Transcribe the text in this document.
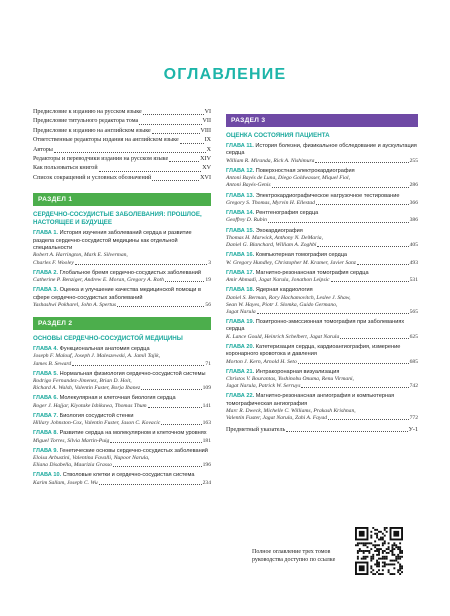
ОГЛАВЛЕНИЕ
Предисловие к изданию на русском языке	VI
Предисловие титульного редактора тома	VII
Предисловие к изданию на английском языке	VIII
Ответственные редакторы издания на английском языке	IX
Авторы	X
Редакторы и переводчики издания на русском языке	XIV
Как пользоваться книгой	XV
Список сокращений и условных обозначений	XVI
РАЗДЕЛ 1
СЕРДЕЧНО-СОСУДИСТЫЕ ЗАБОЛЕВАНИЯ: ПРОШЛОЕ, НАСТОЯЩЕЕ И БУДУЩЕЕ
ГЛАВА 1. История изучения заболеваний сердца и развитие раздела сердечно-сосудистой медицины как отдельной специальности
Robert A. Harrington, Mark E. Silverman,
Charles F. Wooley	3
ГЛАВА 2. Глобальное бремя сердечно-сосудистых заболеваний
Catherine P. Benziger, Andrew E. Moran, Gregory A. Roth	19
ГЛАВА 3. Оценка и улучшение качества медицинской помощи в сфере сердечно-сосудистых заболеваний
Yashashwi Pokharel, John A. Spertus	56
РАЗДЕЛ 2
ОСНОВЫ СЕРДЕЧНО-СОСУДИСТОЙ МЕДИЦИНЫ
ГЛАВА 4. Функциональная анатомия сердца
Joseph F. Malouf, Joseph J. Maleszewski, A. Jamil Tajik,
James B. Seward	71
ГЛАВА 5. Нормальная физиология сердечно-сосудистой системы
Rodrigo Fernandez-Jimenez, Brian D. Hoit,
Richard A. Walsh, Valentin Fuster, Borja Ibanez	109
ГЛАВА 6. Молекулярная и клеточная биология сердца
Roger J. Hajjar, Kiyotake Ishikawa, Thomas Thum	141
ГЛАВА 7. Биология сосудистой стенки
Hillary Johnston-Cox, Valentin Fuster, Jason C. Kovacic	163
ГЛАВА 8. Развитие сердца на молекулярном и клеточном уровнях
Miguel Torres, Silvia Martin-Puig	181
ГЛАВА 9. Генетические основы сердечно-сосудистых заболеваний
Eloisa Arbustini, Valentina Favalli, Nupoor Narula,
Eliana Disabella, Maurizia Grasso	196
ГЛАВА 10. Стволовые клетки и сердечно-сосудистая система
Karim Sallam, Joseph C. Wu	234
РАЗДЕЛ 3
ОЦЕНКА СОСТОЯНИЯ ПАЦИЕНТА
ГЛАВА 11. История болезни, физикальное обследование и аускультация сердца
William R. Miranda, Rick A. Nishimura	255
ГЛАВА 12. Поверхностная электрокардиография
Antoni Bayés de Luna, Diego Goldwasser, Miquel Fiol,
Antoni Bayés-Genis	286
ГЛАВА 13. Электрокардиографическое нагрузочное тестирование
Gregory S. Thomas, Myrvin H. Ellestad	366
ГЛАВА 14. Рентгенография сердца
Geoffrey D. Rubin	386
ГЛАВА 15. Эхокардиография
Thomas H. Marwick, Anthony N. DeMaria,
Daniel G. Blanchard, William A. Zoghbi	405
ГЛАВА 16. Компьютерная томография сердца
W. Gregory Hundley, Christopher M. Kramer, Javier Sanz	493
ГЛАВА 17. Магнитно-резонансная томография сердца
Amir Ahmadi, Jagat Narula, Jonathon Leipsic	531
ГЛАВА 18. Ядерная кардиология
Daniel S. Berman, Rory Hachamovitch, Leslee J. Shaw,
Sean W. Hayes, Piotr J. Slomka, Guido Germano,
Jagat Narula	565
ГЛАВА 19. Позитронно-эмиссионная томография при заболеваниях сердца
K. Lance Gould, Heinrich Schelbert, Jagat Narula	625
ГЛАВА 20. Катетеризация сердца, кардиоангиография, измерение коронарного кровотока и давления
Morton J. Kern, Arnold H. Seto	685
ГЛАВА 21. Интракоронарная визуализация
Christos V. Bourantas, Yoshinobu Onuma, Renu Virmani,
Jagat Narula, Patrick W. Serruys	742
ГЛАВА 22. Магнитно-резонансная ангиография и компьютерная томографическая ангиография
Marc R. Dweck, Michelle C. Williams, Prakash Krishnan,
Valentin Fuster, Jagat Narula, Zahi A. Fayad	772
Предметный указатель	У-1
Полное оглавление трех томов руководства доступно по ссылке
